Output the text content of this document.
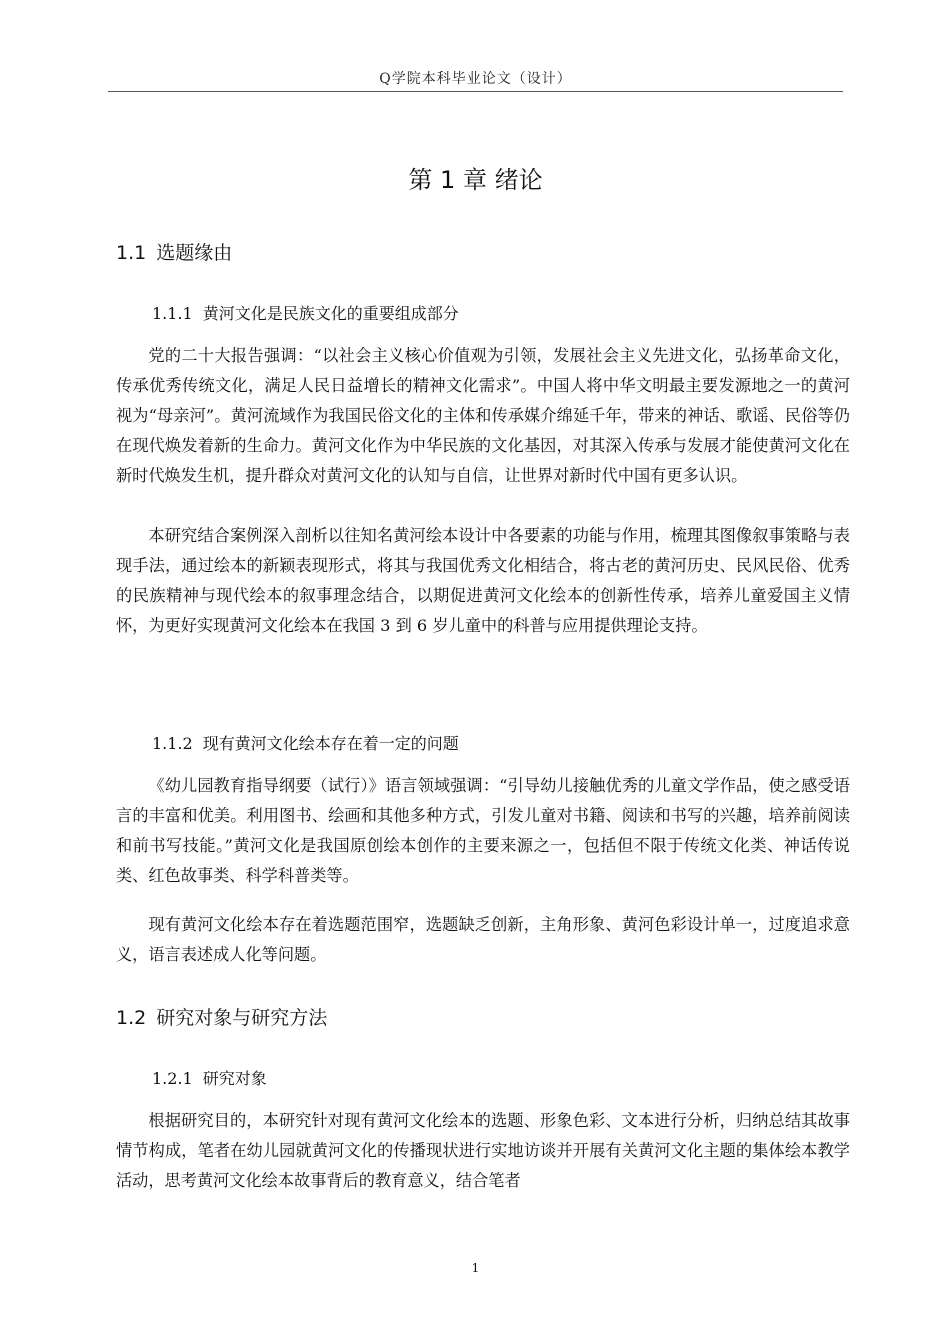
Q学院本科毕业论文（设计）
第 1 章 绪论
1.1 选题缘由
1.1.1 黄河文化是民族文化的重要组成部分

党的二十大报告强调：“以社会主义核心价值观为引领，发展社会主义先进文化，弘扬革命文化，传承优秀传统文化，满足人民日益增长的精神文化需求”。中国人将中华文明最主要发源地之一的黄河视为“母亲河”。黄河流域作为我国民俗文化的主体和传承媒介绵延千年，带来的神话、歌谣、民俗等仍在现代焕发着新的生命力。黄河文化作为中华民族的文化基因，对其深入传承与发展才能使黄河文化在新时代焕发生机，提升群众对黄河文化的认知与自信，让世界对新时代中国有更多认识。

本研究结合案例深入剖析以往知名黄河绘本设计中各要素的功能与作用，梳理其图像叙事策略与表现手法，通过绘本的新颖表现形式，将其与我国优秀文化相结合，将古老的黄河历史、民风民俗、优秀的民族精神与现代绘本的叙事理念结合，以期促进黄河文化绘本的创新性传承，培养儿童爱国主义情怀，为更好实现黄河文化绘本在我国 3 到 6 岁儿童中的科普与应用提供理论支持。

1.1.2 现有黄河文化绘本存在着一定的问题

《幼儿园教育指导纲要（试行）》语言领域强调：“引导幼儿接触优秀的儿童文学作品，使之感受语言的丰富和优美。利用图书、绘画和其他多种方式，引发儿童对书籍、阅读和书写的兴趣，培养前阅读和前书写技能。”黄河文化是我国原创绘本创作的主要来源之一，包括但不限于传统文化类、神话传说类、红色故事类、科学科普类等。

现有黄河文化绘本存在着选题范围窄，选题缺乏创新，主角形象、黄河色彩设计单一，过度追求意义，语言表述成人化等问题。

1.2 研究对象与研究方法
1.2.1 研究对象

根据研究目的，本研究针对现有黄河文化绘本的选题、形象色彩、文本进行分析，归纳总结其故事情节构成，笔者在幼儿园就黄河文化的传播现状进行实地访谈并开展有关黄河文化主题的集体绘本教学活动，思考黄河文化绘本故事背后的教育意义，结合笔者

1
